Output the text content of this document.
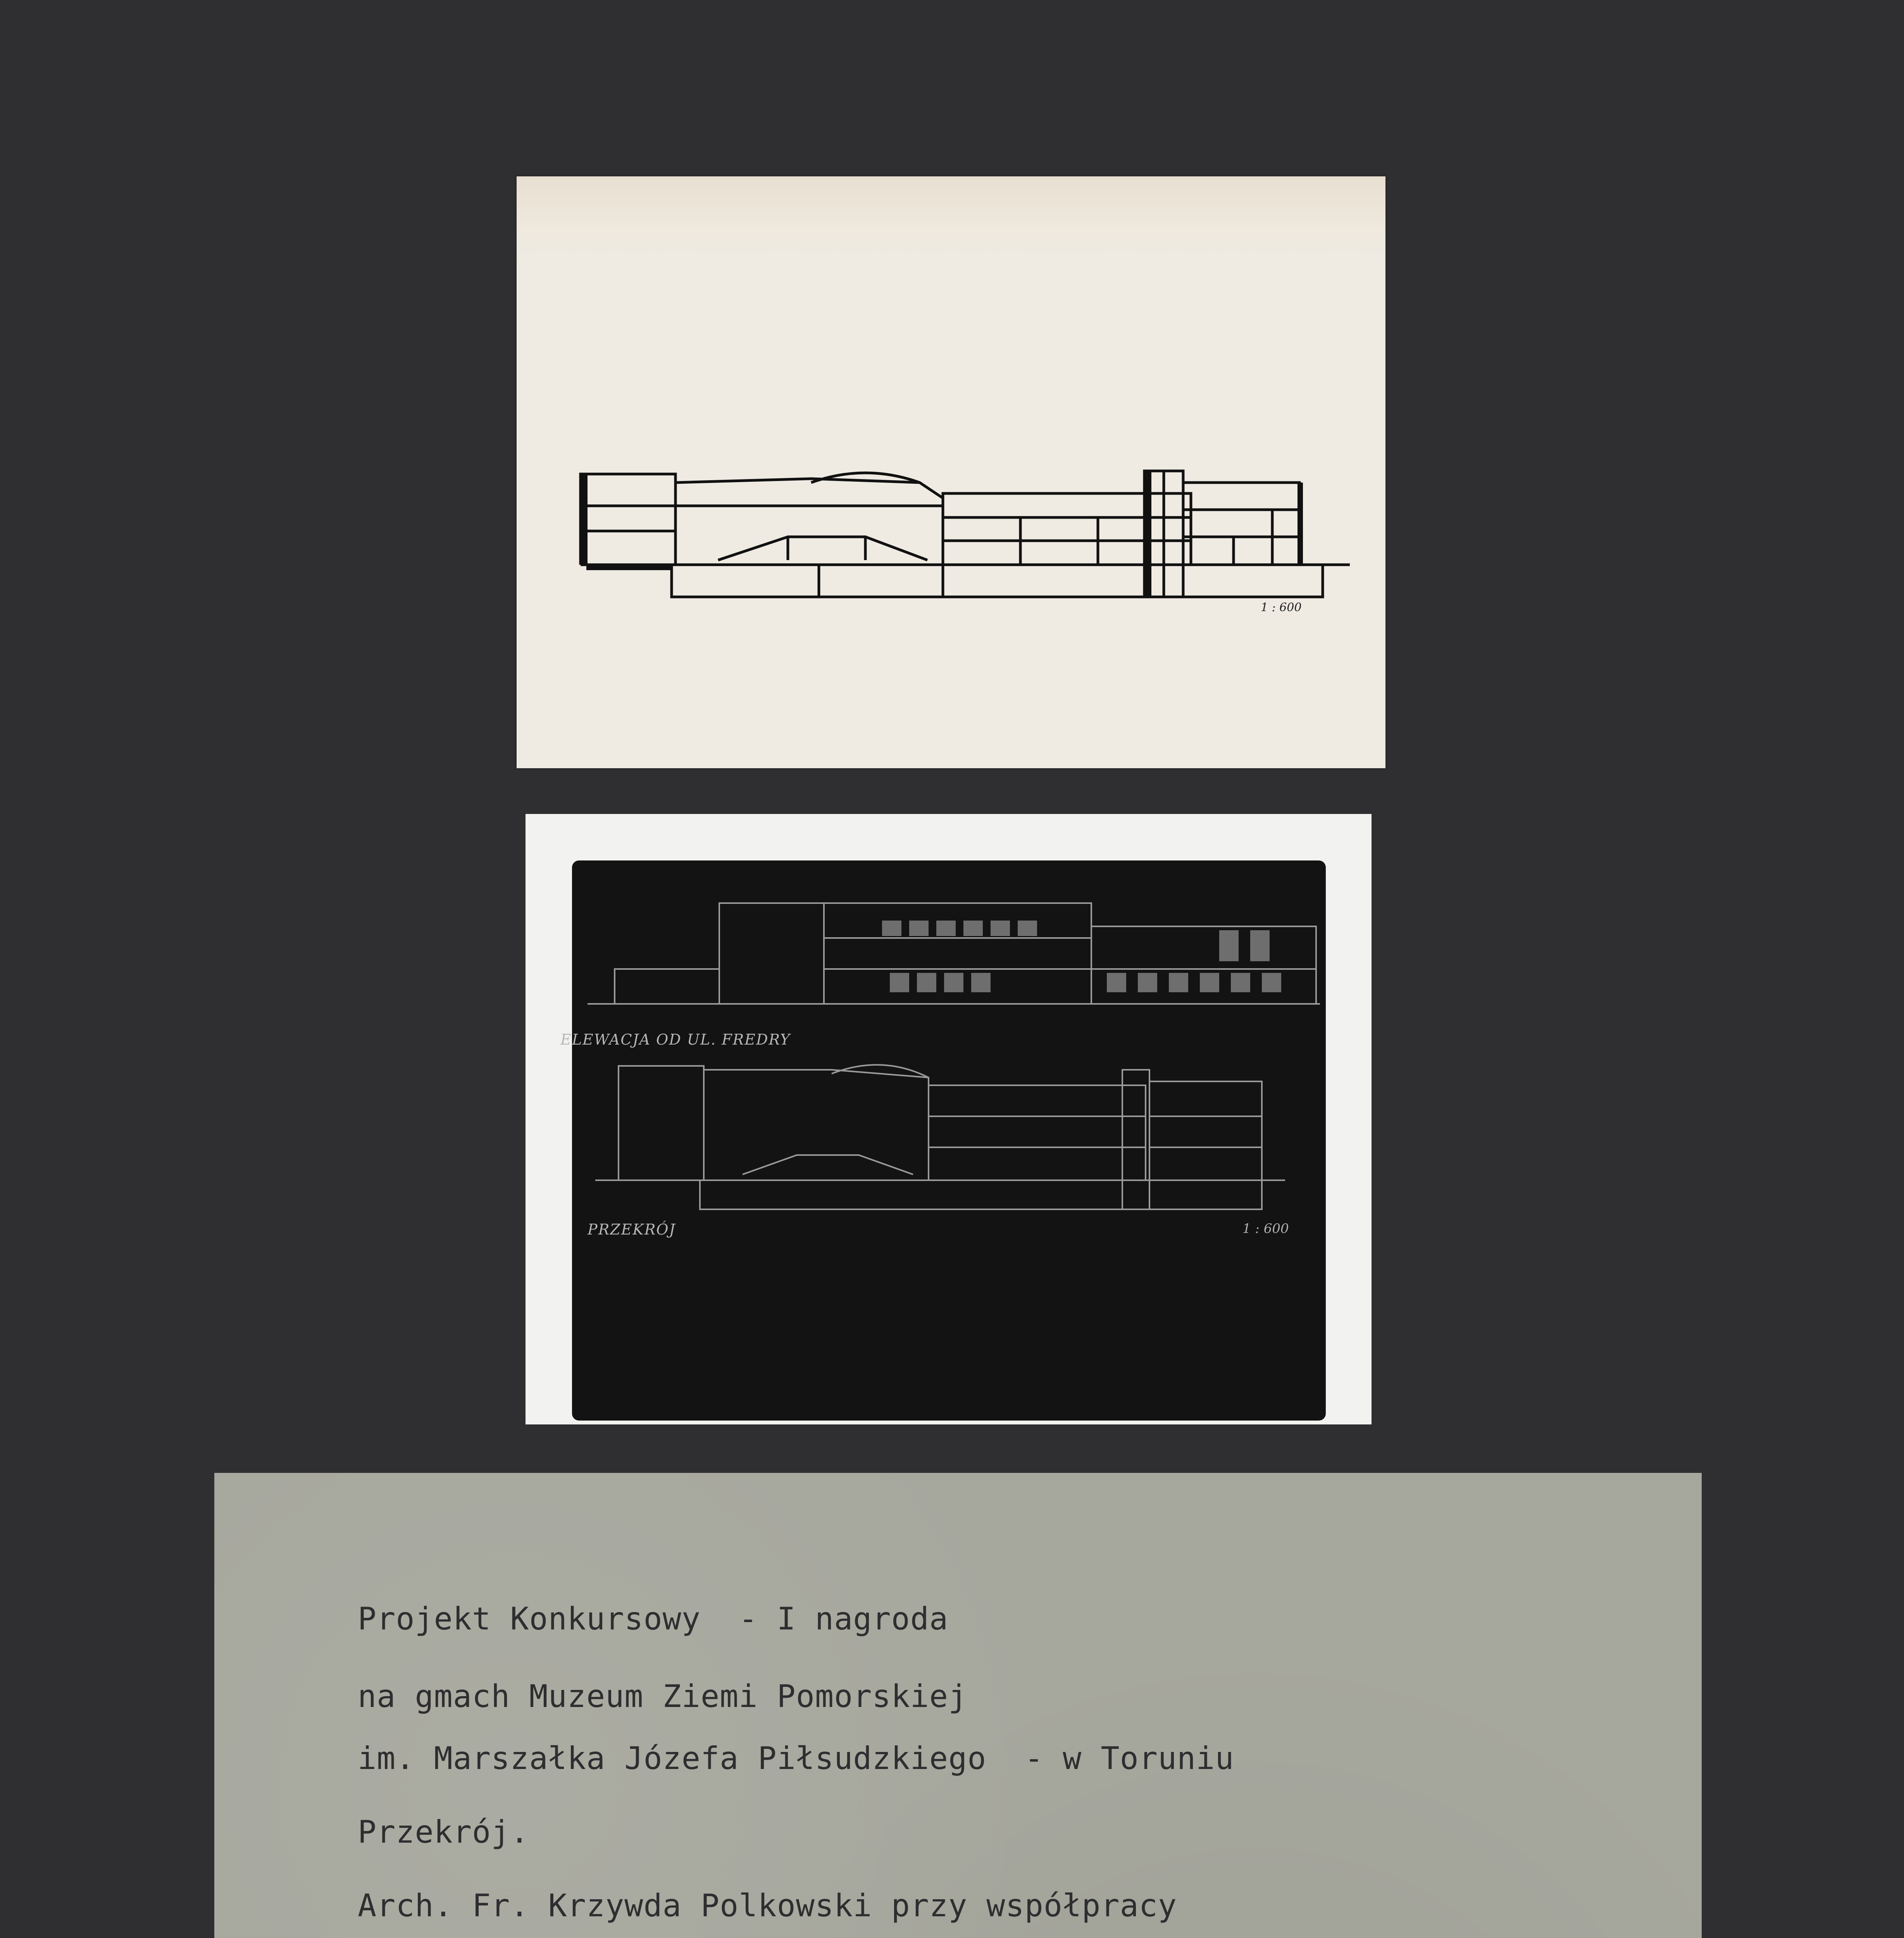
1 : 600
ELEWACJA OD UL. FREDRY
PRZEKRÓJ	1 : 600

Projekt Konkursowy  - I nagroda

na gmach Muzeum Ziemi Pomorskiej

im. Marszałka Józefa Piłsudzkiego  - w Toruniu

Przekrój.

Arch. Fr. Krzywda Polkowski przy współpracy
